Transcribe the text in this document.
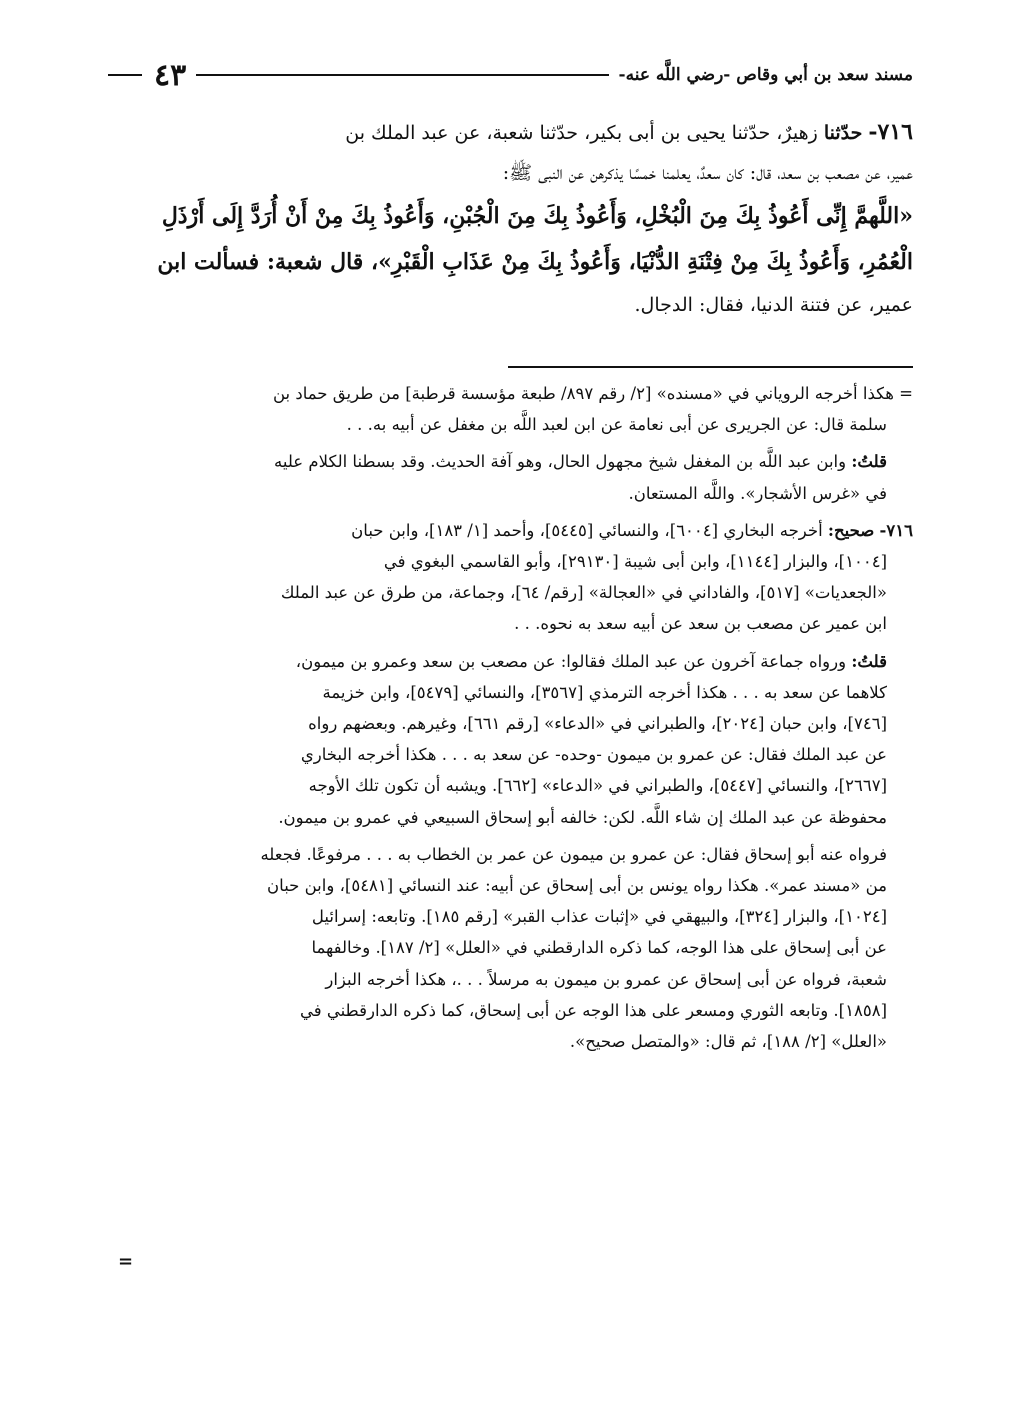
مسند سعد بن أبي وقاص -رضي اللَّه عنه-
٤٣

٧١٦- حدّثنا زهيرٌ، حدّثنا يحيى بن أبى بكير، حدّثنا شعبة، عن عبد الملك بن
عمير، عن مصعب بن سعد، قال: كان سعدٌ، يعلمنا خمسًا يذكرهن عن النبى ﷺ:
«اللَّهمَّ إِنِّى أَعُوذُ بِكَ مِنَ الْبُخْلِ، وَأَعُوذُ بِكَ مِنَ الْجُبْنِ، وَأَعُوذُ بِكَ مِنْ أَنْ أُرَدَّ إِلَى أَرْذَلِ
الْعُمُرِ، وَأَعُوذُ بِكَ مِنْ فِتْنَةِ الدُّنْيَا، وَأَعُوذُ بِكَ مِنْ عَذَابِ الْقَبْرِ»، قال شعبة: فسألت ابن
عمير، عن فتنة الدنيا، فقال: الدجال.

= هكذا أخرجه الروياني في «مسنده» [٢/ رقم ٨٩٧/ طبعة مؤسسة قرطبة] من طريق حماد بن
سلمة قال: عن الجريرى عن أبى نعامة عن ابن لعبد اللَّه بن مغفل عن أبيه به. . .

قلتُ: وابن عبد اللَّه بن المغفل شيخ مجهول الحال، وهو آفة الحديث. وقد بسطنا الكلام عليه
في «غرس الأشجار». واللَّه المستعان.

٧١٦- صحيح: أخرجه البخاري [٦٠٠٤]، والنسائي [٥٤٤٥]، وأحمد [١/ ١٨٣]، وابن حبان
[١٠٠٤]، والبزار [١١٤٤]، وابن أبى شيبة [٢٩١٣٠]، وأبو القاسمي البغوي في
«الجعديات» [٥١٧]، والفاداني في «العجالة» [رقم/ ٦٤]، وجماعة، من طرق عن عبد الملك
ابن عمير عن مصعب بن سعد عن أبيه سعد به نحوه. . .

قلتُ: ورواه جماعة آخرون عن عبد الملك فقالوا: عن مصعب بن سعد وعمرو بن ميمون،
كلاهما عن سعد به . . . هكذا أخرجه الترمذي [٣٥٦٧]، والنسائي [٥٤٧٩]، وابن خزيمة
[٧٤٦]، وابن حبان [٢٠٢٤]، والطبراني في «الدعاء» [رقم ٦٦١]، وغيرهم. وبعضهم رواه
عن عبد الملك فقال: عن عمرو بن ميمون -وحده- عن سعد به . . . هكذا أخرجه البخاري
[٢٦٦٧]، والنسائي [٥٤٤٧]، والطبراني في «الدعاء» [٦٦٢]. ويشبه أن تكون تلك الأوجه
محفوظة عن عبد الملك إن شاء اللَّه. لكن: خالفه أبو إسحاق السبيعي في عمرو بن ميمون.

فرواه عنه أبو إسحاق فقال: عن عمرو بن ميمون عن عمر بن الخطاب به . . . مرفوعًا. فجعله
من «مسند عمر». هكذا رواه يونس بن أبى إسحاق عن أبيه: عند النسائي [٥٤٨١]، وابن حبان
[١٠٢٤]، والبزار [٣٢٤]، والبيهقي في «إثبات عذاب القبر» [رقم ١٨٥]. وتابعه: إسرائيل
عن أبى إسحاق على هذا الوجه، كما ذكره الدارقطني في «العلل» [٢/ ١٨٧]. وخالفهما
شعبة، فرواه عن أبى إسحاق عن عمرو بن ميمون به مرسلاً . . .، هكذا أخرجه البزار
[١٨٥٨]. وتابعه الثوري ومسعر على هذا الوجه عن أبى إسحاق، كما ذكره الدارقطني في
«العلل» [٢/ ١٨٨]، ثم قال: «والمتصل صحيح».

=
